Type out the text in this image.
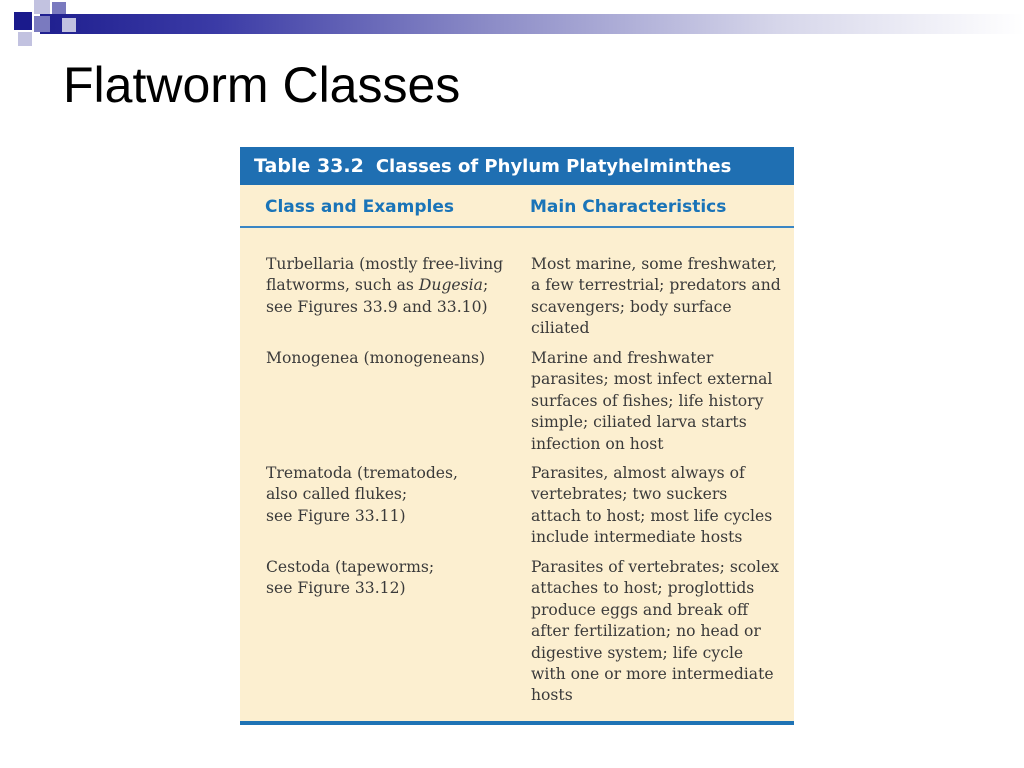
Flatworm Classes
Table 33.2 Classes of Phylum Platyhelminthes
Class and Examples	Main Characteristics
Turbellaria (mostly free-living
flatworms, such as Dugesia;
see Figures 33.9 and 33.10)
Most marine, some freshwater,
a few terrestrial; predators and
scavengers; body surface
ciliated
Monogenea (monogeneans)	Marine and freshwater
parasites; most infect external
surfaces of fishes; life history
simple; ciliated larva starts
infection on host
Trematoda (trematodes,
also called flukes;
see Figure 33.11)
Parasites, almost always of
vertebrates; two suckers
attach to host; most life cycles
include intermediate hosts
Cestoda (tapeworms;
see Figure 33.12)
Parasites of vertebrates; scolex
attaches to host; proglottids
produce eggs and break off
after fertilization; no head or
digestive system; life cycle
with one or more intermediate
hosts
